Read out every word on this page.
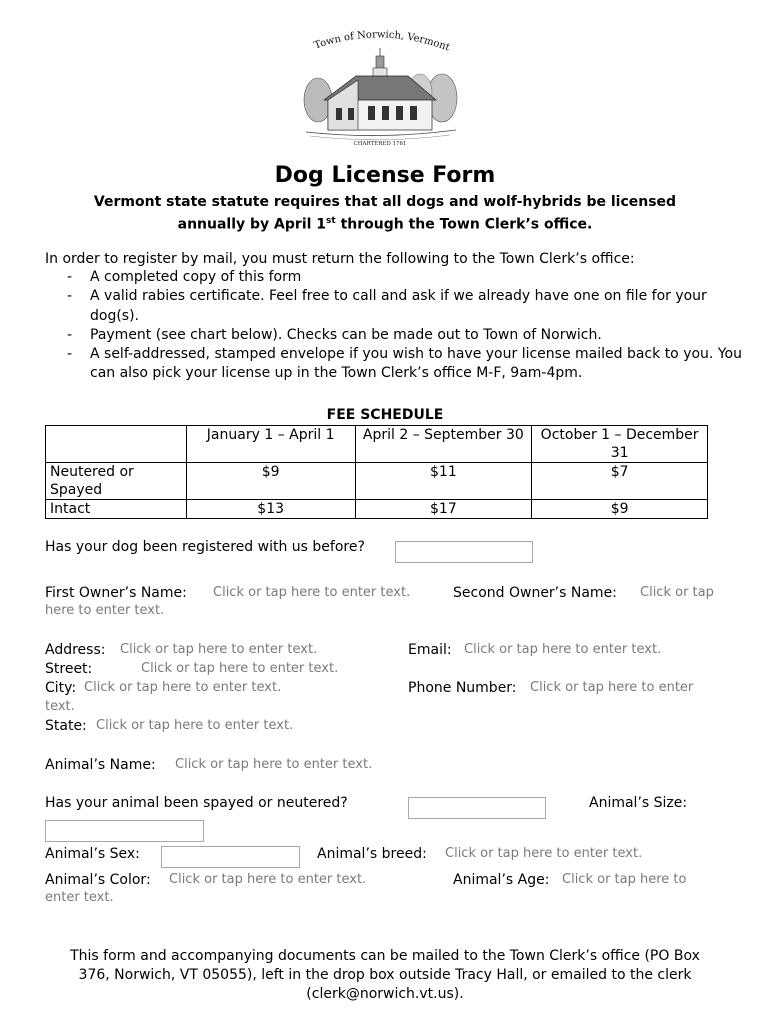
Town of Norwich, Vermont
CHARTERED 1761
Dog License Form
Vermont state statute requires that all dogs and wolf-hybrids be licensed
annually by April 1st through the Town Clerk’s office.
In order to register by mail, you must return the following to the Town Clerk’s office:
- A completed copy of this form
- A valid rabies certificate. Feel free to call and ask if we already have one on file for your dog(s).
- Payment (see chart below). Checks can be made out to Town of Norwich.
- A self-addressed, stamped envelope if you wish to have your license mailed back to you. You can also pick your license up in the Town Clerk’s office M-F, 9am-4pm.
FEE SCHEDULE
	January 1 – April 1	April 2 – September 30	October 1 – December 31
Neutered or Spayed	$9	$11	$7
Intact	$13	$17	$9
Has your dog been registered with us before?
First Owner’s Name: Click or tap here to enter text.	Second Owner’s Name: Click or tap
here to enter text.
Address: Click or tap here to enter text.	Email: Click or tap here to enter text.
Street:	Click or tap here to enter text.
City: Click or tap here to enter text.
text.
Phone Number: Click or tap here to enter
State: Click or tap here to enter text.
Animal’s Name: Click or tap here to enter text.
Has your animal been spayed or neutered?	Animal’s Size:
Animal’s Sex:	Animal’s breed: Click or tap here to enter text.
Animal’s Color: Click or tap here to enter text.	Animal’s Age: Click or tap here to
enter text.
This form and accompanying documents can be mailed to the Town Clerk’s office (PO Box
376, Norwich, VT 05055), left in the drop box outside Tracy Hall, or emailed to the clerk
(clerk@norwich.vt.us).
